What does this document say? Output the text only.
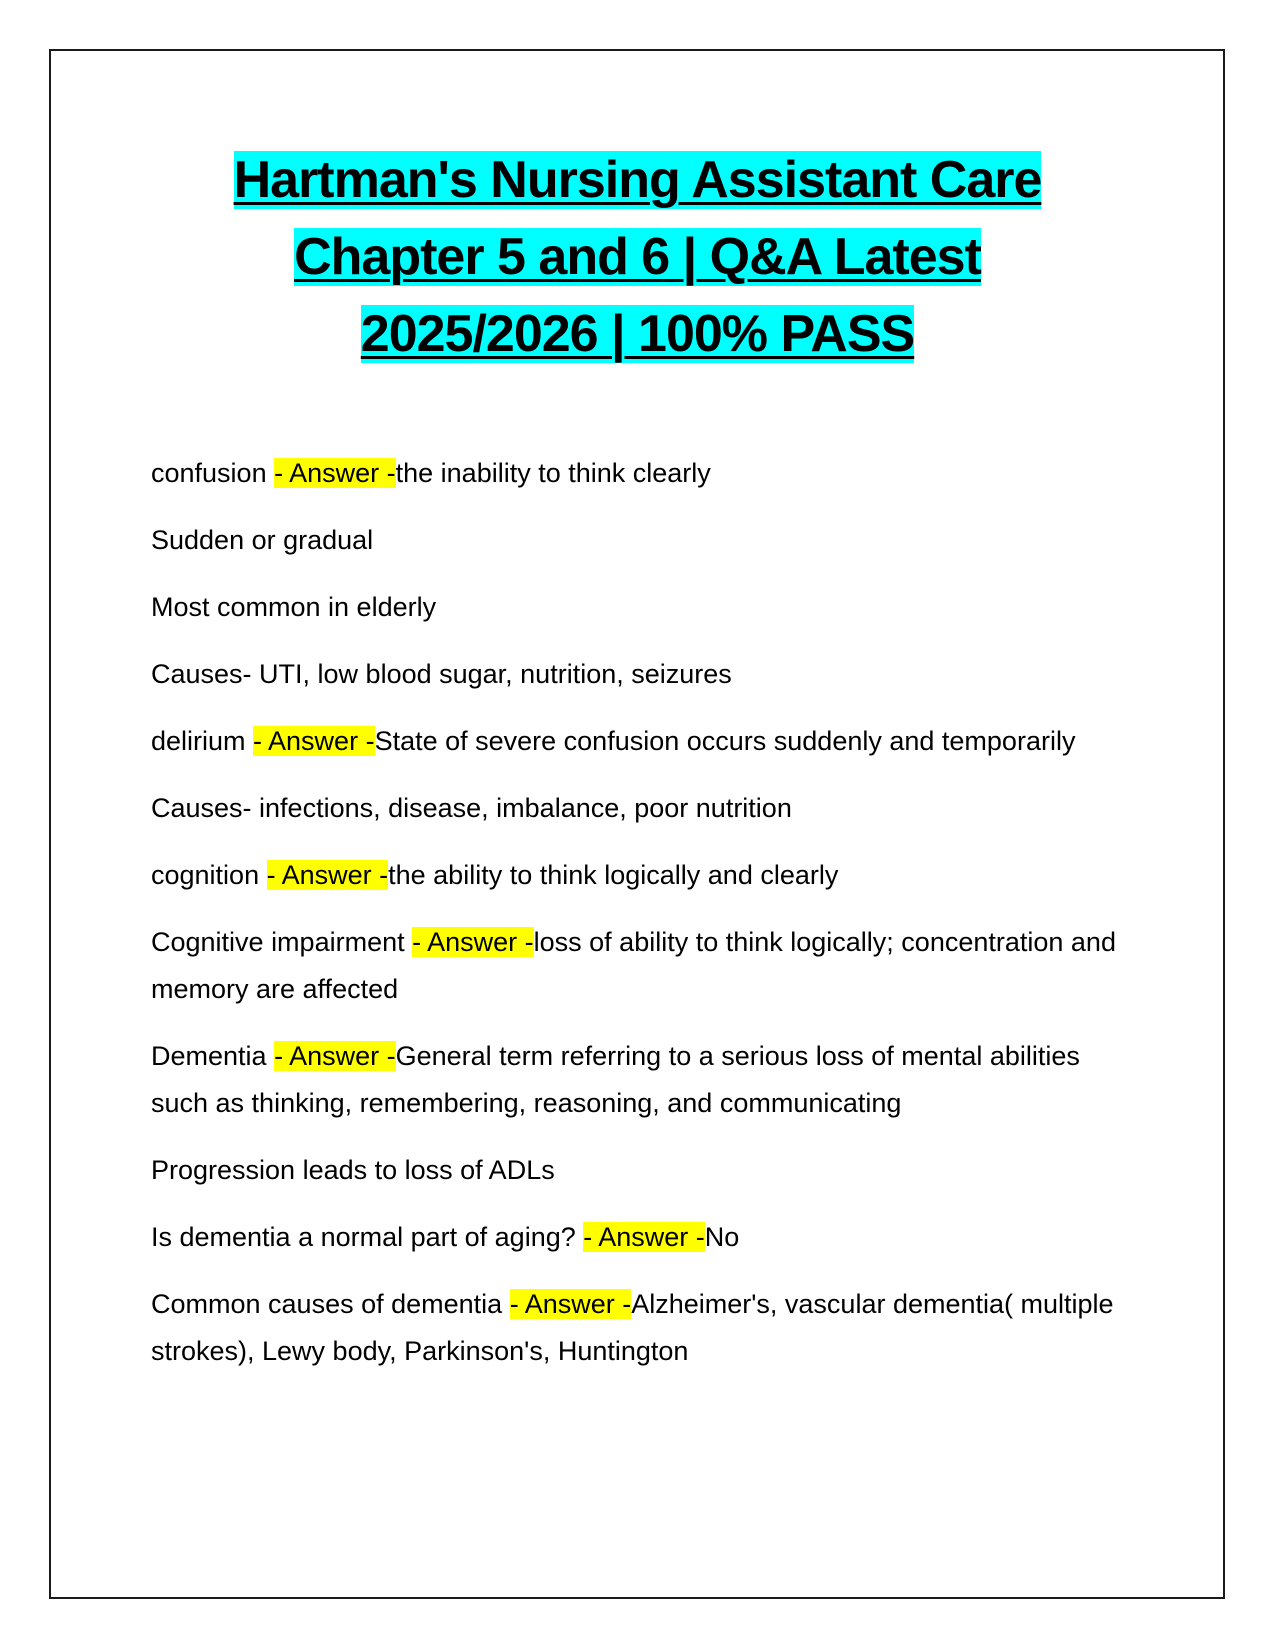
Hartman's Nursing Assistant Care
Chapter 5 and 6 | Q&A Latest
2025/2026 | 100% PASS

confusion - Answer -the inability to think clearly

Sudden or gradual

Most common in elderly

Causes- UTI, low blood sugar, nutrition, seizures

delirium - Answer -State of severe confusion occurs suddenly and temporarily

Causes- infections, disease, imbalance, poor nutrition

cognition - Answer -the ability to think logically and clearly

Cognitive impairment - Answer -loss of ability to think logically; concentration and memory are affected

Dementia - Answer -General term referring to a serious loss of mental abilities such as thinking, remembering, reasoning, and communicating

Progression leads to loss of ADLs

Is dementia a normal part of aging? - Answer -No

Common causes of dementia - Answer -Alzheimer's, vascular dementia( multiple strokes), Lewy body, Parkinson's, Huntington
